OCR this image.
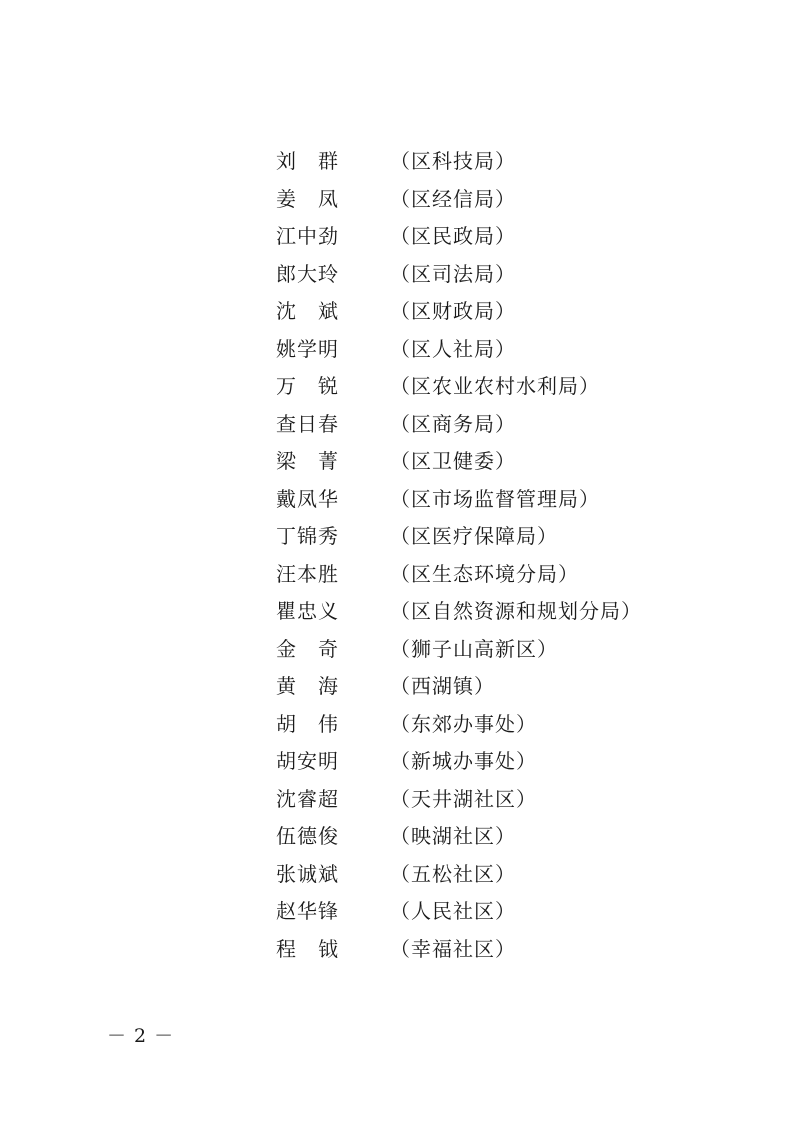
刘　群	（区科技局）
姜　凤	（区经信局）
江中劲	（区民政局）
郎大玲	（区司法局）
沈　斌	（区财政局）
姚学明	（区人社局）
万　锐	（区农业农村水利局）
查日春	（区商务局）
梁　菁	（区卫健委）
戴凤华	（区市场监督管理局）
丁锦秀	（区医疗保障局）
汪本胜	（区生态环境分局）
瞿忠义	（区自然资源和规划分局）
金　奇	（狮子山高新区）
黄　海	（西湖镇）
胡　伟	（东郊办事处）
胡安明	（新城办事处）
沈睿超	（天井湖社区）
伍德俊	（映湖社区）
张诚斌	（五松社区）
赵华锋	（人民社区）
程　钺	（幸福社区）
－ 2 －
